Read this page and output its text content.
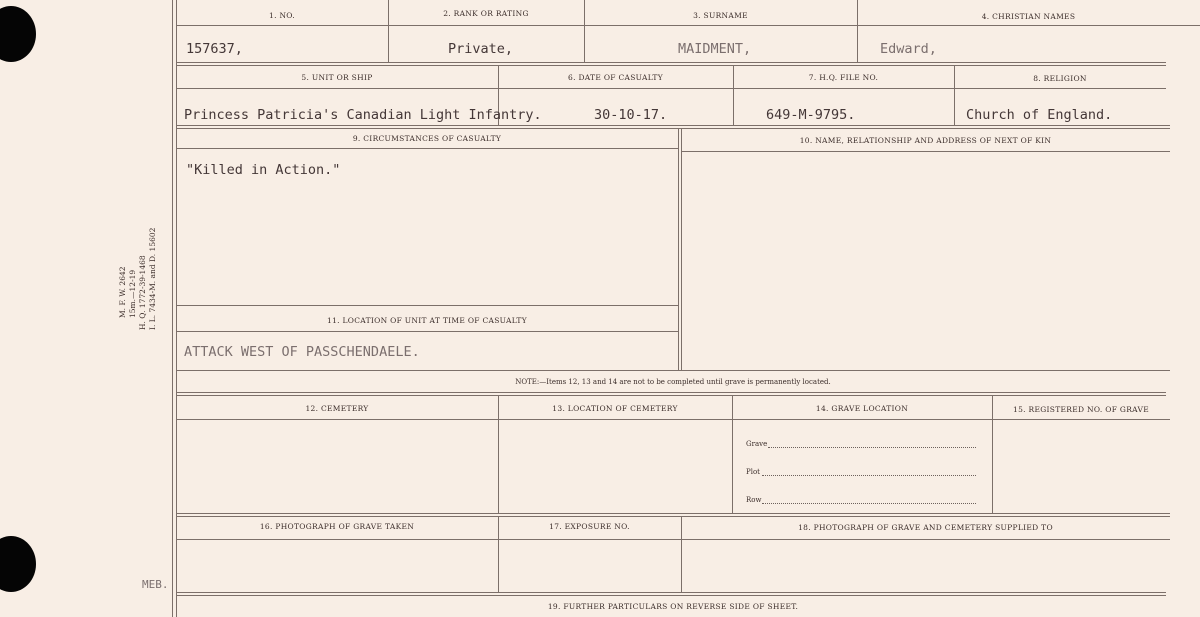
M. F. W. 2642 15m.—12-19 H. Q. 1772-39-1468 I. L. 7434-M. and D. 15602
1. NO.	2. RANK OR RATING	3. SURNAME	4. CHRISTIAN NAMES
157637,	Private,	MAIDMENT,	Edward,
5. UNIT OR SHIP	6. DATE OF CASUALTY	7. H.Q. FILE NO.	8. RELIGION
Princess Patricia's Canadian Light Infantry.	30-10-17.	649-M-9795.	Church of England.
9. CIRCUMSTANCES OF CASUALTY	10. NAME, RELATIONSHIP AND ADDRESS OF NEXT OF KIN
"Killed in Action."
11. LOCATION OF UNIT AT TIME OF CASUALTY
ATTACK WEST OF PASSCHENDAELE.
NOTE:—Items 12, 13 and 14 are not to be completed until grave is permanently located.
12. CEMETERY	13. LOCATION OF CEMETERY	14. GRAVE LOCATION	15. REGISTERED NO. OF GRAVE
Grave
Plot
Row
16. PHOTOGRAPH OF GRAVE TAKEN	17. EXPOSURE NO.	18. PHOTOGRAPH OF GRAVE AND CEMETERY SUPPLIED TO
MEB.
19. FURTHER PARTICULARS ON REVERSE SIDE OF SHEET.
